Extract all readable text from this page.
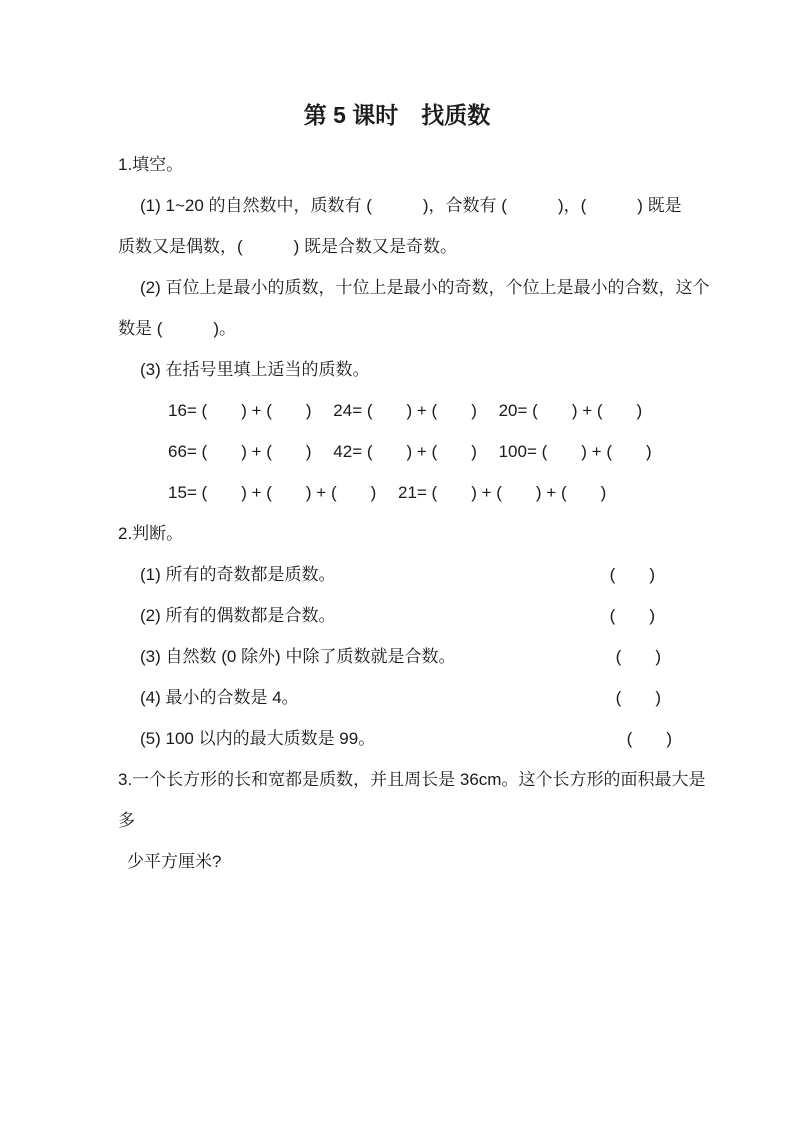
第 5 课时　找质数
1.填空。
(1) 1~20 的自然数中，质数有 (　　　)，合数有 (　　　)，(　　　) 既是
质数又是偶数，(　　　) 既是合数又是奇数。
(2) 百位上是最小的质数，十位上是最小的奇数，个位上是最小的合数，这个
数是 (　　　)。
(3) 在括号里填上适当的质数。
16= (　　) + (　　)　 24= (　　) + (　　)　 20= (　　) + (　　)
66= (　　) + (　　)　 42= (　　) + (　　)　 100= (　　) + (　　)
15= (　　) + (　　) + (　　)　 21= (　　) + (　　) + (　　)
2.判断。
(1) 所有的奇数都是质数。	(　　)
(2) 所有的偶数都是合数。	(　　)
(3) 自然数 (0 除外) 中除了质数就是合数。	(　　)
(4) 最小的合数是 4。	(　　)
(5) 100 以内的最大质数是 99。	(　　)
3.一个长方形的长和宽都是质数，并且周长是 36cm。这个长方形的面积最大是
多
少平方厘米?
